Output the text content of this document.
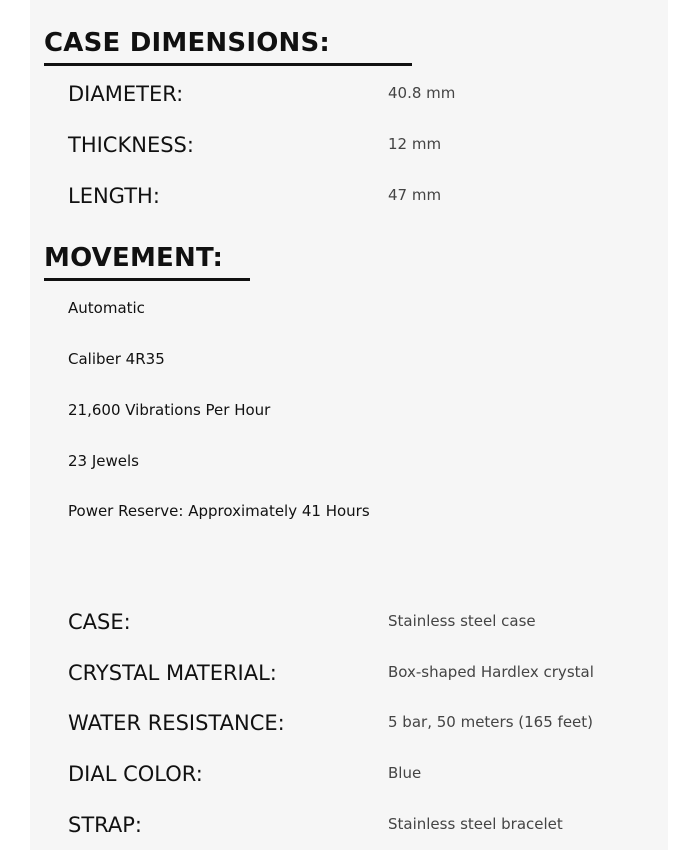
CASE DIMENSIONS:
DIAMETER:	40.8 mm
THICKNESS:	12 mm
LENGTH:	47 mm
MOVEMENT:
Automatic
Caliber 4R35
21,600 Vibrations Per Hour
23 Jewels
Power Reserve: Approximately 41 Hours
CASE:	Stainless steel case
CRYSTAL MATERIAL:	Box-shaped Hardlex crystal
WATER RESISTANCE:	5 bar, 50 meters (165 feet)
DIAL COLOR:	Blue
STRAP:	Stainless steel bracelet
